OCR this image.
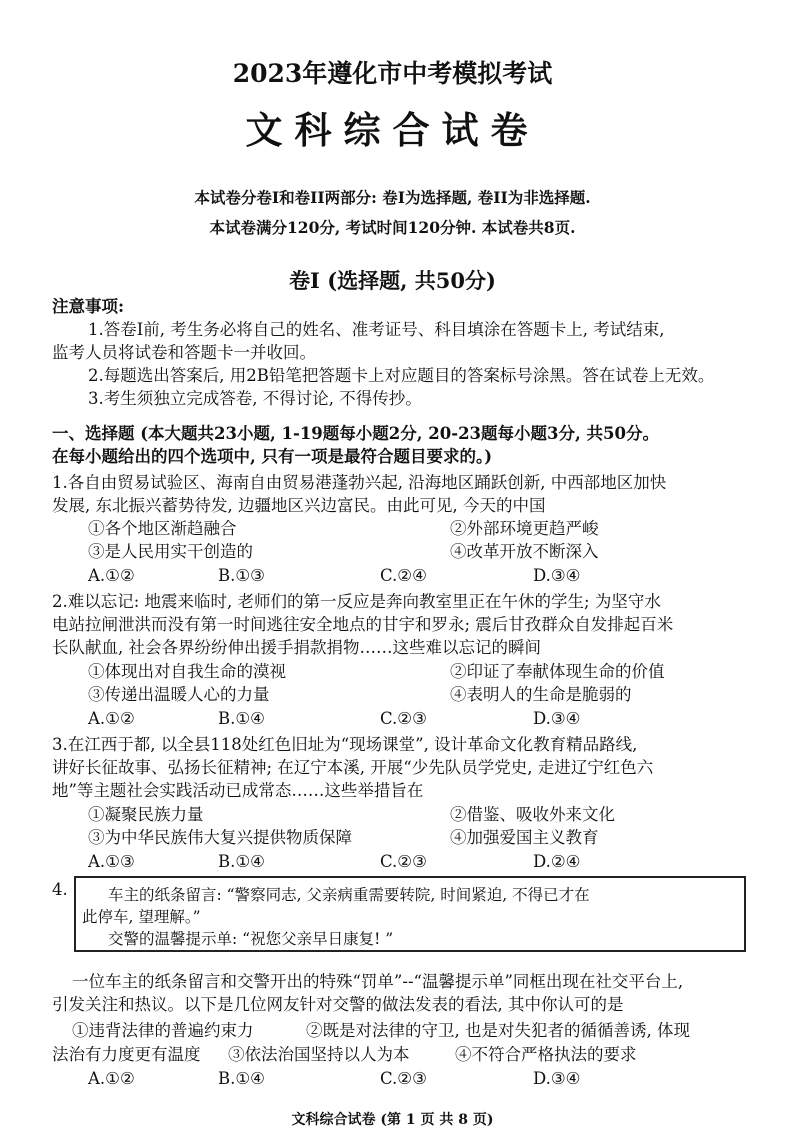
2023年遵化市中考模拟考试
文科综合试卷
本试卷分卷I和卷II两部分: 卷I为选择题, 卷II为非选择题.
本试卷满分120分, 考试时间120分钟. 本试卷共8页.
卷I (选择题, 共50分)
注意事项:
1.答卷I前, 考生务必将自己的姓名、准考证号、科目填涂在答题卡上, 考试结束,
监考人员将试卷和答题卡一并收回。
2.每题选出答案后, 用2B铅笔把答题卡上对应题目的答案标号涂黑。答在试卷上无效。
3.考生须独立完成答卷, 不得讨论, 不得传抄。
一、选择题 (本大题共23小题, 1-19题每小题2分, 20-23题每小题3分, 共50分。
在每小题给出的四个选项中, 只有一项是最符合题目要求的。)
1.各自由贸易试验区、海南自由贸易港蓬勃兴起, 沿海地区踊跃创新, 中西部地区加快
发展, 东北振兴蓄势待发, 边疆地区兴边富民。由此可见, 今天的中国
①各个地区渐趋融合	②外部环境更趋严峻
③是人民用实干创造的	④改革开放不断深入
A.①②	B.①③	C.②④	D.③④
2.难以忘记: 地震来临时, 老师们的第一反应是奔向教室里正在午休的学生; 为坚守水
电站拉闸泄洪而没有第一时间逃往安全地点的甘宇和罗永; 震后甘孜群众自发排起百米
长队献血, 社会各界纷纷伸出援手捐款捐物……这些难以忘记的瞬间
①体现出对自我生命的漠视	②印证了奉献体现生命的价值
③传递出温暖人心的力量	④表明人的生命是脆弱的
A.①②	B.①④	C.②③	D.③④
3.在江西于都, 以全县118处红色旧址为“现场课堂”, 设计革命文化教育精品路线,
讲好长征故事、弘扬长征精神; 在辽宁本溪, 开展“少先队员学党史, 走进辽宁红色六
地”等主题社会实践活动已成常态……这些举措旨在
①凝聚民族力量	②借鉴、吸收外来文化
③为中华民族伟大复兴提供物质保障	④加强爱国主义教育
A.①③	B.①④	C.②③	D.②④
4.	车主的纸条留言: “警察同志, 父亲病重需要转院, 时间紧迫, 不得已才在
此停车, 望理解。”
交警的温馨提示单: “祝您父亲早日康复! ”
一位车主的纸条留言和交警开出的特殊“罚单”--“温馨提示单”同框出现在社交平台上,
引发关注和热议。以下是几位网友针对交警的做法发表的看法, 其中你认可的是
①违背法律的普遍约束力	②既是对法律的守卫, 也是对失犯者的循循善诱, 体现
法治有力度更有温度 ③依法治国坚持以人为本	④不符合严格执法的要求
A.①②	B.①④	C.②③	D.③④
文科综合试卷 (第 1 页 共 8 页)
